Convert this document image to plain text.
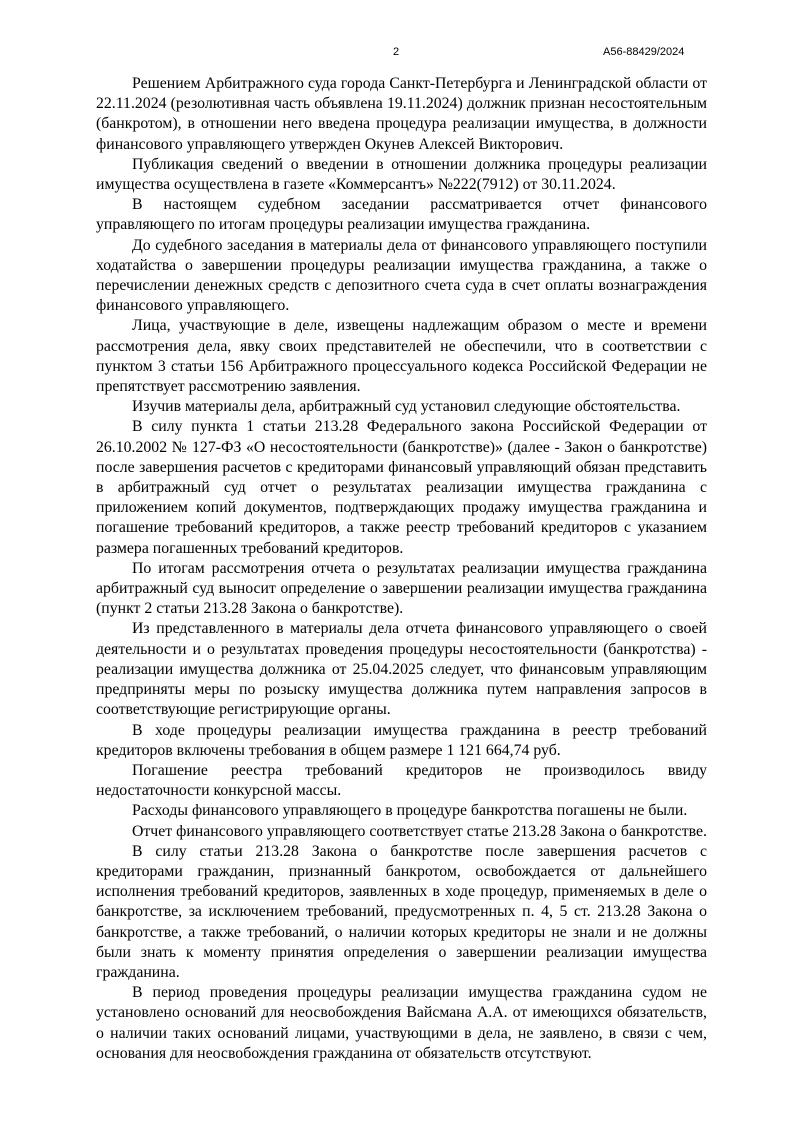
2	А56-88429/2024

Решением Арбитражного суда города Санкт-Петербурга и Ленинградской области от 22.11.2024 (резолютивная часть объявлена 19.11.2024) должник признан несостоятельным (банкротом), в отношении него введена процедура реализации имущества, в должности финансового управляющего утвержден Окунев Алексей Викторович.

Публикация сведений о введении в отношении должника процедуры реализации имущества осуществлена в газете «Коммерсантъ» №222(7912) от 30.11.2024.

В настоящем судебном заседании рассматривается отчет финансового управляющего по итогам процедуры реализации имущества гражданина.

До судебного заседания в материалы дела от финансового управляющего поступили ходатайства о завершении процедуры реализации имущества гражданина, а также о перечислении денежных средств с депозитного счета суда в счет оплаты вознаграждения финансового управляющего.

Лица, участвующие в деле, извещены надлежащим образом о месте и времени рассмотрения дела, явку своих представителей не обеспечили, что в соответствии с пунктом 3 статьи 156 Арбитражного процессуального кодекса Российской Федерации не препятствует рассмотрению заявления.

Изучив материалы дела, арбитражный суд установил следующие обстоятельства.

В силу пункта 1 статьи 213.28 Федерального закона Российской Федерации от 26.10.2002 № 127-ФЗ «О несостоятельности (банкротстве)» (далее - Закон о банкротстве) после завершения расчетов с кредиторами финансовый управляющий обязан представить в арбитражный суд отчет о результатах реализации имущества гражданина с приложением копий документов, подтверждающих продажу имущества гражданина и погашение требований кредиторов, а также реестр требований кредиторов с указанием размера погашенных требований кредиторов.

По итогам рассмотрения отчета о результатах реализации имущества гражданина арбитражный суд выносит определение о завершении реализации имущества гражданина (пункт 2 статьи 213.28 Закона о банкротстве).

Из представленного в материалы дела отчета финансового управляющего о своей деятельности и о результатах проведения процедуры несостоятельности (банкротства) - реализации имущества должника от 25.04.2025 следует, что финансовым управляющим предприняты меры по розыску имущества должника путем направления запросов в соответствующие регистрирующие органы.

В ходе процедуры реализации имущества гражданина в реестр требований кредиторов включены требования в общем размере 1 121 664,74 руб.

Погашение реестра требований кредиторов не производилось ввиду недостаточности конкурсной массы.

Расходы финансового управляющего в процедуре банкротства погашены не были.

Отчет финансового управляющего соответствует статье 213.28 Закона о банкротстве.

В силу статьи 213.28 Закона о банкротстве после завершения расчетов с кредиторами гражданин, признанный банкротом, освобождается от дальнейшего исполнения требований кредиторов, заявленных в ходе процедур, применяемых в деле о банкротстве, за исключением требований, предусмотренных п. 4, 5 ст. 213.28 Закона о банкротстве, а также требований, о наличии которых кредиторы не знали и не должны были знать к моменту принятия определения о завершении реализации имущества гражданина.

В период проведения процедуры реализации имущества гражданина судом не установлено оснований для неосвобождения Вайсмана А.А. от имеющихся обязательств, о наличии таких оснований лицами, участвующими в дела, не заявлено, в связи с чем, основания для неосвобождения гражданина от обязательств отсутствуют.
